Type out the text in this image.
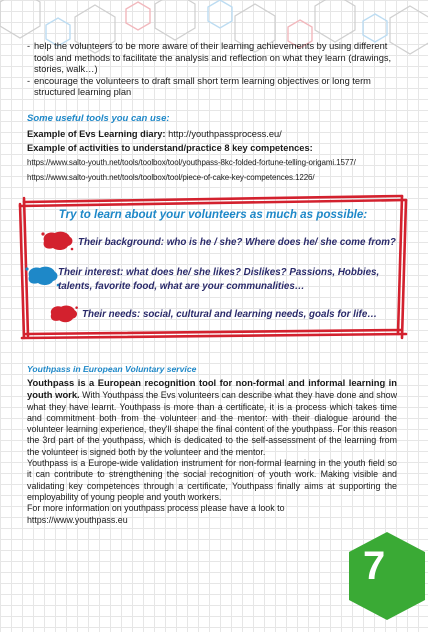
- help the volunteers to be more aware of their learning achievements by using different tools and methods to facilitate the analysis and reflection on what they learn (drawings, stories, walk…)
- encourage the volunteers to draft small short term learning objectives or long term structured learning plan
Some useful tools you can use:
Example of Evs Learning diary: http://youthpassprocess.eu/
Example of activities to understand/practice 8 key competences:
https://www.salto-youth.net/tools/toolbox/tool/youthpass-8kc-folded-fortune-telling-origami.1577/
https://www.salto-youth.net/tools/toolbox/tool/piece-of-cake-key-competences.1226/
Try to learn about your volunteers as much as possible:
Their background: who is he / she? Where does he/ she come from?
Their interest: what does he/ she likes? Dislikes? Passions, Hobbies, talents, favorite food, what are your communalities…
Their needs: social, cultural and learning needs, goals for life…
Youthpass in European Voluntary service

Youthpass is a European recognition tool for non-formal and informal learning in youth work. With Youthpass the Evs volunteers can describe what they have done and show what they have learnt. Youthpass is more than a certificate, it is a process which takes time and commitment both from the volunteer and the mentor: with their dialogue around the volunteer learning experience, they'll shape the final content of the youthpass. For this reason the 3rd part of the youthpass, which is dedicated to the self-assessment of the learning from the volunteer is signed both by the volunteer and the mentor.

Youthpass is a Europe-wide validation instrument for non-formal learning in the youth field so it can contribute to strengthening the social recognition of youth work. Making visible and validating key competences through a certificate, Youthpass finally aims at supporting the employability of young people and youth workers.

For more information on youthpass process please have a look to

https://www.youthpass.eu

7
